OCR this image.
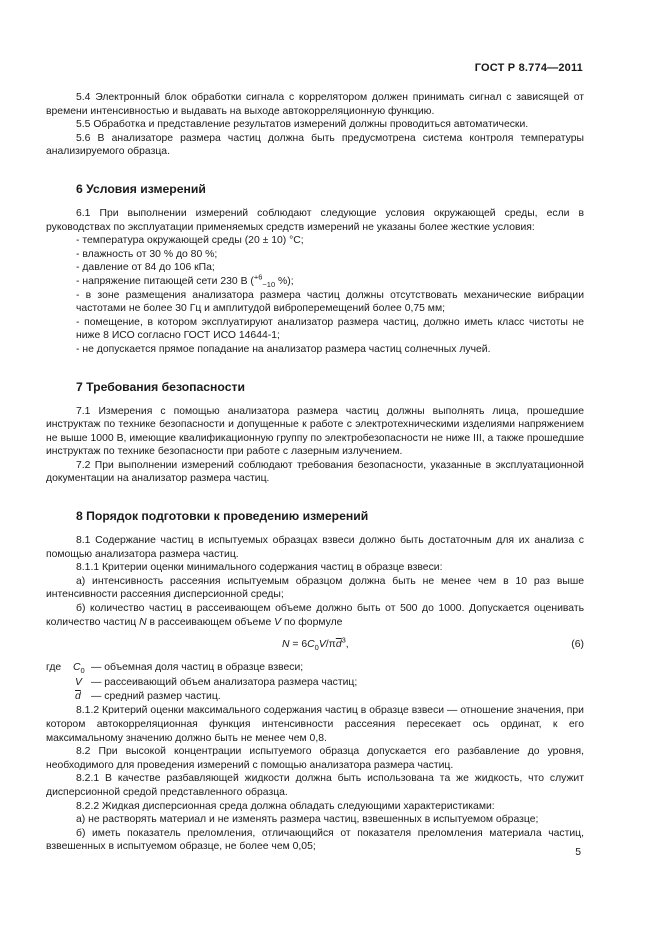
ГОСТ Р 8.774—2011

5.4 Электронный блок обработки сигнала с коррелятором должен принимать сигнал с зависящей от времени интенсивностью и выдавать на выходе автокорреляционную функцию.

5.5 Обработка и представление результатов измерений должны проводиться автоматически.

5.6 В анализаторе размера частиц должна быть предусмотрена система контроля температуры анализируемого образца.

6 Условия измерений

6.1 При выполнении измерений соблюдают следующие условия окружающей среды, если в руководствах по эксплуатации применяемых средств измерений не указаны более жесткие условия:

- температура окружающей среды (20 ± 10) °С;

- влажность от 30 % до 80 %;

- давление от 84 до 106 кПа;

- напряжение питающей сети 230 В ($^{+6}_{-10}$ %);

- в зоне размещения анализатора размера частиц должны отсутствовать механические вибрации частотами не более 30 Гц и амплитудой виброперемещений более 0,75 мм;

- помещение, в котором эксплуатируют анализатор размера частиц, должно иметь класс чистоты не ниже 8 ИСО согласно ГОСТ ИСО 14644-1;

- не допускается прямое попадание на анализатор размера частиц солнечных лучей.

7 Требования безопасности

7.1 Измерения с помощью анализатора размера частиц должны выполнять лица, прошедшие инструктаж по технике безопасности и допущенные к работе с электротехническими изделиями напряжением не выше 1000 В, имеющие квалификационную группу по электробезопасности не ниже III, а также прошедшие инструктаж по технике безопасности при работе с лазерным излучением.

7.2 При выполнении измерений соблюдают требования безопасности, указанные в эксплуатационной документации на анализатор размера частиц.

8 Порядок подготовки к проведению измерений

8.1 Содержание частиц в испытуемых образцах взвеси должно быть достаточным для их анализа с помощью анализатора размера частиц.

8.1.1 Критерии оценки минимального содержания частиц в образце взвеси:

а) интенсивность рассеяния испытуемым образцом должна быть не менее чем в 10 раз выше интенсивности рассеяния дисперсионной среды;

б) количество частиц в рассеивающем объеме должно быть от 500 до 1000. Допускается оценивать количество частиц N в рассеивающем объеме V по формуле

$N = 6C_0V/\pi\overline{d}^3$,	(6)
где $C_0$ — объемная доля частиц в образце взвеси;
V — рассеивающий объем анализатора размера частиц;
$\overline{d}$ — средний размер частиц.

8.1.2 Критерий оценки максимального содержания частиц в образце взвеси — отношение значения, при котором автокорреляционная функция интенсивности рассеяния пересекает ось ординат, к его максимальному значению должно быть не менее чем 0,8.

8.2 При высокой концентрации испытуемого образца допускается его разбавление до уровня, необходимого для проведения измерений с помощью анализатора размера частиц.

8.2.1 В качестве разбавляющей жидкости должна быть использована та же жидкость, что служит дисперсионной средой представленного образца.

8.2.2 Жидкая дисперсионная среда должна обладать следующими характеристиками:

а) не растворять материал и не изменять размера частиц, взвешенных в испытуемом образце;

б) иметь показатель преломления, отличающийся от показателя преломления материала частиц, взвешенных в испытуемом образце, не более чем 0,05;

5
